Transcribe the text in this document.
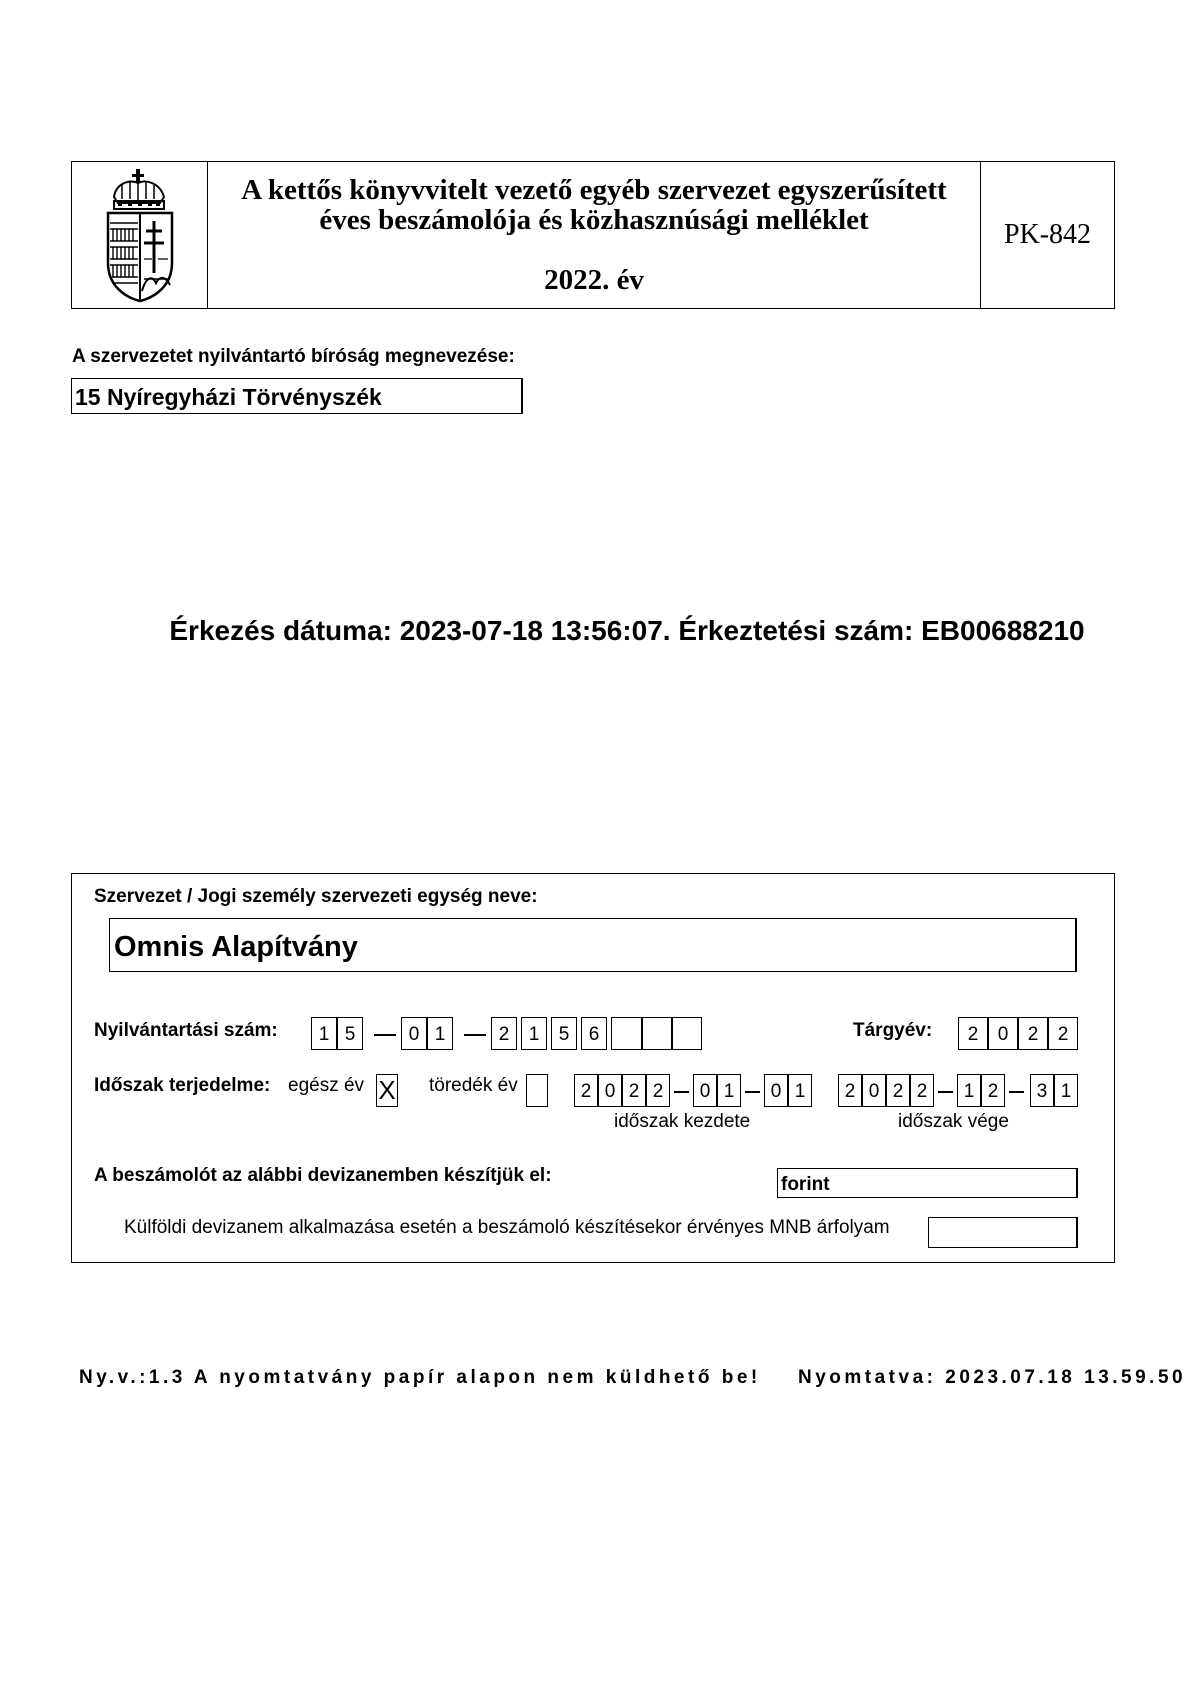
A kettős könyvvitelt vezető egyéb szervezet egyszerűsített
éves beszámolója és közhasznúsági melléklet
2022. év
PK-842
A szervezetet nyilvántartó bíróság megnevezése:
15 Nyíregyházi Törvényszék
Érkezés dátuma: 2023-07-18 13:56:07. Érkeztetési szám: EB00688210
Szervezet / Jogi személy szervezeti egység neve:
Omnis Alapítvány
Nyilvántartási szám:	1 5	0 1	2	1	5	6	Tárgyév:	2	0	2	2
Időszak terjedelme: egész év X töredék év	2 0 2 2	0 1	0 1
időszak kezdete
2 0 2 2	1 2	3 1
időszak vége
A beszámolót az alábbi devizanemben készítjük el:	forint
Külföldi devizanem alkalmazása esetén a beszámoló készítésekor érvényes MNB árfolyam
Ny.v.:1.3 A nyomtatvány papír alapon nem küldhető be! Nyomtatva: 2023.07.18 13.59.50
